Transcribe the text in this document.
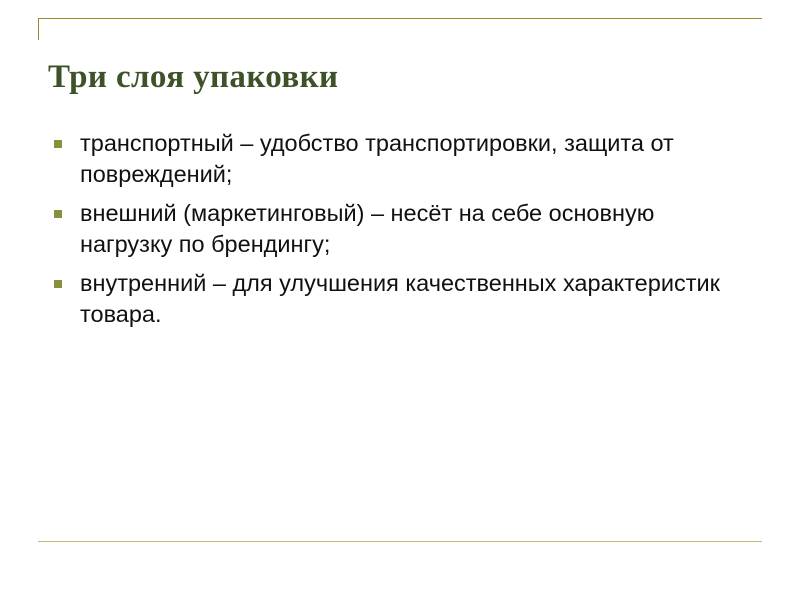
Три слоя упаковки
транспортный – удобство транспортировки, защита от повреждений;
внешний (маркетинговый) – несёт на себе основную нагрузку по брендингу;
внутренний – для улучшения качественных характеристик товара.
